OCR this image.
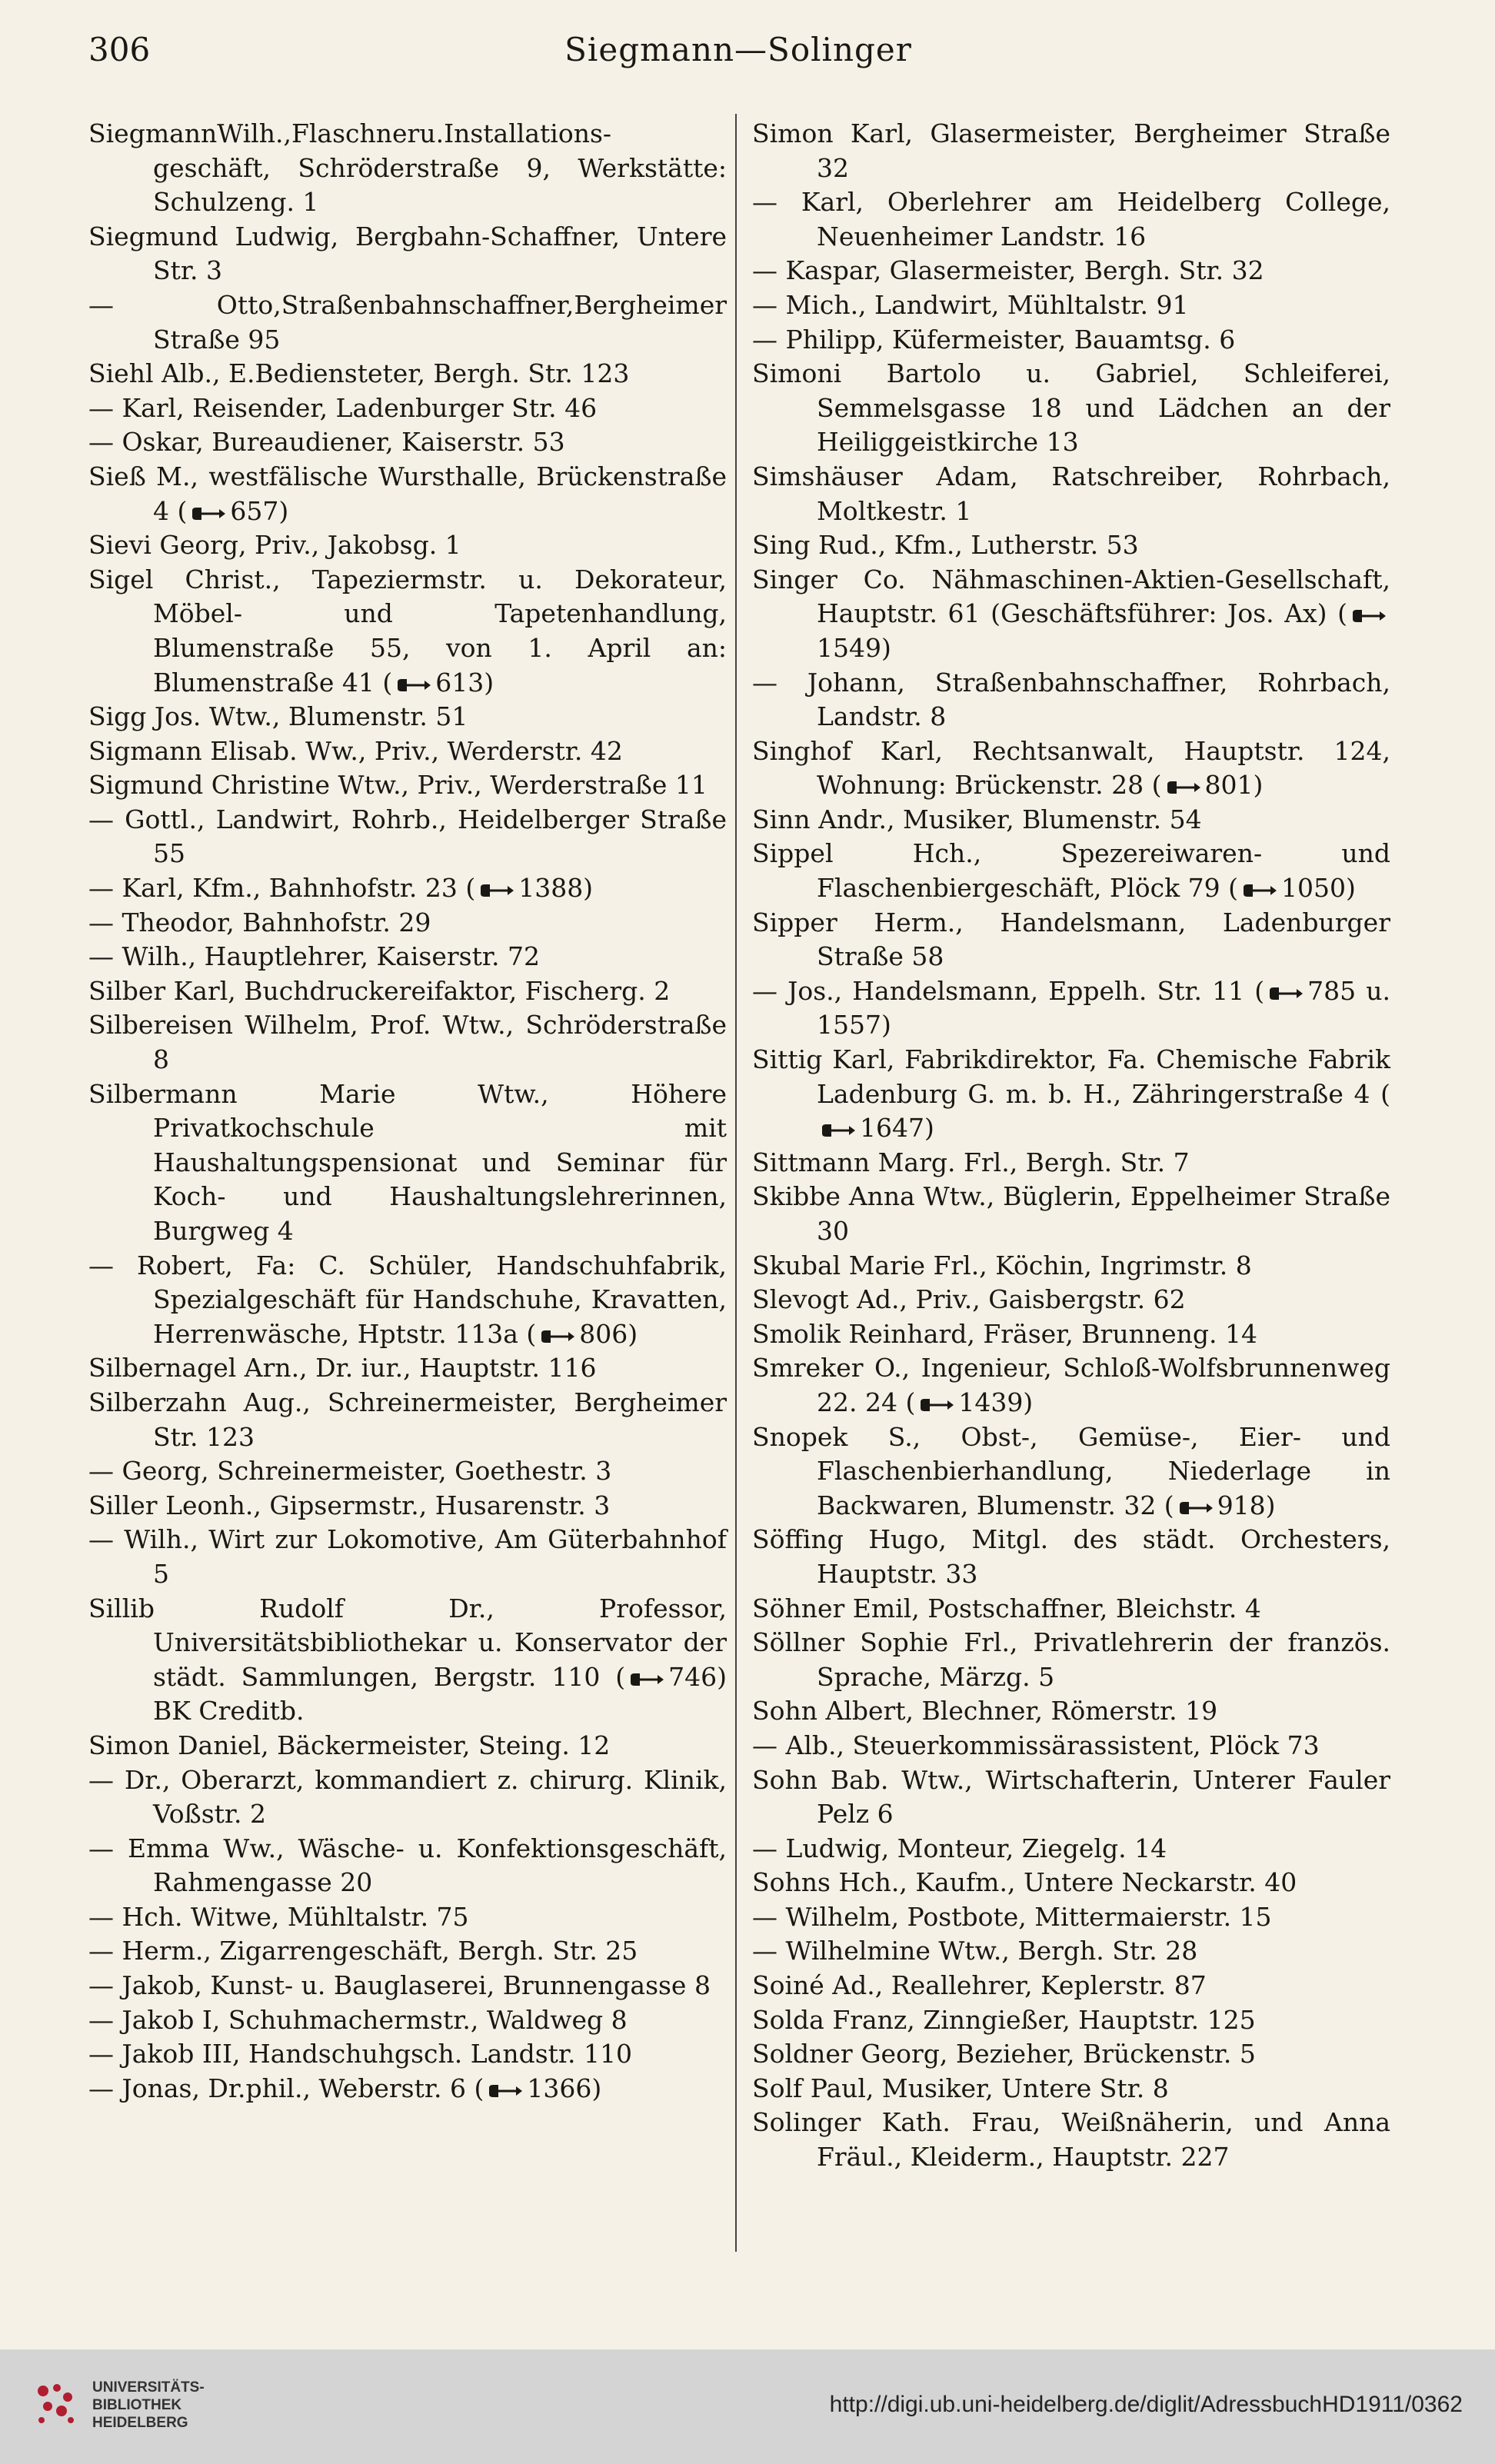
306	Siegmann—Solinger

SiegmannWilh.,Flaschneru.Installations-geschäft, Schröderstraße 9, Werkstätte: Schulzeng. 1

Siegmund Ludwig, Bergbahn-Schaffner, Untere Str. 3

— Otto,Straßenbahnschaffner,Bergheimer Straße 95

Siehl Alb., E.Bediensteter, Bergh. Str. 123

— Karl, Reisender, Ladenburger Str. 46

— Oskar, Bureaudiener, Kaiserstr. 53

Sieß M., westfälische Wursthalle, Brückenstraße 4 ( 657)

Sievi Georg, Priv., Jakobsg. 1

Sigel Christ., Tapeziermstr. u. Dekorateur, Möbel- und Tapetenhandlung, Blumenstraße 55, von 1. April an: Blumenstraße 41 ( 613)

Sigg Jos. Wtw., Blumenstr. 51

Sigmann Elisab. Ww., Priv., Werderstr. 42

Sigmund Christine Wtw., Priv., Werderstraße 11

— Gottl., Landwirt, Rohrb., Heidelberger Straße 55

— Karl, Kfm., Bahnhofstr. 23 ( 1388)

— Theodor, Bahnhofstr. 29

— Wilh., Hauptlehrer, Kaiserstr. 72

Silber Karl, Buchdruckereifaktor, Fischerg. 2

Silbereisen Wilhelm, Prof. Wtw., Schröderstraße 8

Silbermann Marie Wtw., Höhere Privatkochschule mit Haushaltungspensionat und Seminar für Koch- und Haushaltungslehrerinnen, Burgweg 4

— Robert, Fa: C. Schüler, Handschuhfabrik, Spezialgeschäft für Handschuhe, Kravatten, Herrenwäsche, Hptstr. 113a ( 806)

Silbernagel Arn., Dr. iur., Hauptstr. 116

Silberzahn Aug., Schreinermeister, Bergheimer Str. 123

— Georg, Schreinermeister, Goethestr. 3

Siller Leonh., Gipsermstr., Husarenstr. 3

— Wilh., Wirt zur Lokomotive, Am Güterbahnhof 5

Sillib Rudolf Dr., Professor, Universitätsbibliothekar u. Konservator der städt. Sammlungen, Bergstr. 110 ( 746) BK Creditb.

Simon Daniel, Bäckermeister, Steing. 12

— Dr., Oberarzt, kommandiert z. chirurg. Klinik, Voßstr. 2

— Emma Ww., Wäsche- u. Konfektionsgeschäft, Rahmengasse 20

— Hch. Witwe, Mühltalstr. 75

— Herm., Zigarrengeschäft, Bergh. Str. 25

— Jakob, Kunst- u. Bauglaserei, Brunnengasse 8

— Jakob I, Schuhmachermstr., Waldweg 8

— Jakob III, Handschuhgsch. Landstr. 110

— Jonas, Dr.phil., Weberstr. 6 ( 1366)

Simon Karl, Glasermeister, Bergheimer Straße 32

— Karl, Oberlehrer am Heidelberg College, Neuenheimer Landstr. 16

— Kaspar, Glasermeister, Bergh. Str. 32

— Mich., Landwirt, Mühltalstr. 91

— Philipp, Küfermeister, Bauamtsg. 6

Simoni Bartolo u. Gabriel, Schleiferei, Semmelsgasse 18 und Lädchen an der Heiliggeistkirche 13

Simshäuser Adam, Ratschreiber, Rohrbach, Moltkestr. 1

Sing Rud., Kfm., Lutherstr. 53

Singer Co. Nähmaschinen-Aktien-Gesellschaft, Hauptstr. 61 (Geschäftsführer: Jos. Ax) (1549)

— Johann, Straßenbahnschaffner, Rohrbach, Landstr. 8

Singhof Karl, Rechtsanwalt, Hauptstr. 124, Wohnung: Brückenstr. 28 ( 801)

Sinn Andr., Musiker, Blumenstr. 54

Sippel Hch., Spezereiwaren- und Flaschenbiergeschäft, Plöck 79 ( 1050)

Sipper Herm., Handelsmann, Ladenburger Straße 58

— Jos., Handelsmann, Eppelh. Str. 11 ( 785 u. 1557)

Sittig Karl, Fabrikdirektor, Fa. Chemische Fabrik Ladenburg G. m. b. H., Zähringerstraße 4 (1647)

Sittmann Marg. Frl., Bergh. Str. 7

Skibbe Anna Wtw., Büglerin, Eppelheimer Straße 30

Skubal Marie Frl., Köchin, Ingrimstr. 8

Slevogt Ad., Priv., Gaisbergstr. 62

Smolik Reinhard, Fräser, Brunneng. 14

Smreker O., Ingenieur, Schloß-Wolfsbrunnenweg 22. 24 ( 1439)

Snopek S., Obst-, Gemüse-, Eier- und Flaschenbierhandlung, Niederlage in Backwaren, Blumenstr. 32 ( 918)

Söffing Hugo, Mitgl. des städt. Orchesters, Hauptstr. 33

Söhner Emil, Postschaffner, Bleichstr. 4

Söllner Sophie Frl., Privatlehrerin der französ. Sprache, Märzg. 5

Sohn Albert, Blechner, Römerstr. 19

— Alb., Steuerkommissärassistent, Plöck 73

Sohn Bab. Wtw., Wirtschafterin, Unterer Fauler Pelz 6

— Ludwig, Monteur, Ziegelg. 14

Sohns Hch., Kaufm., Untere Neckarstr. 40

— Wilhelm, Postbote, Mittermaierstr. 15

— Wilhelmine Wtw., Bergh. Str. 28

Soiné Ad., Reallehrer, Keplerstr. 87

Solda Franz, Zinngießer, Hauptstr. 125

Soldner Georg, Bezieher, Brückenstr. 5

Solf Paul, Musiker, Untere Str. 8

Solinger Kath. Frau, Weißnäherin, und Anna Fräul., Kleiderm., Hauptstr. 227

UNIVERSITÄTS-
BIBLIOTHEK
HEIDELBERG
http://digi.ub.uni-heidelberg.de/diglit/AdressbuchHD1911/0362
